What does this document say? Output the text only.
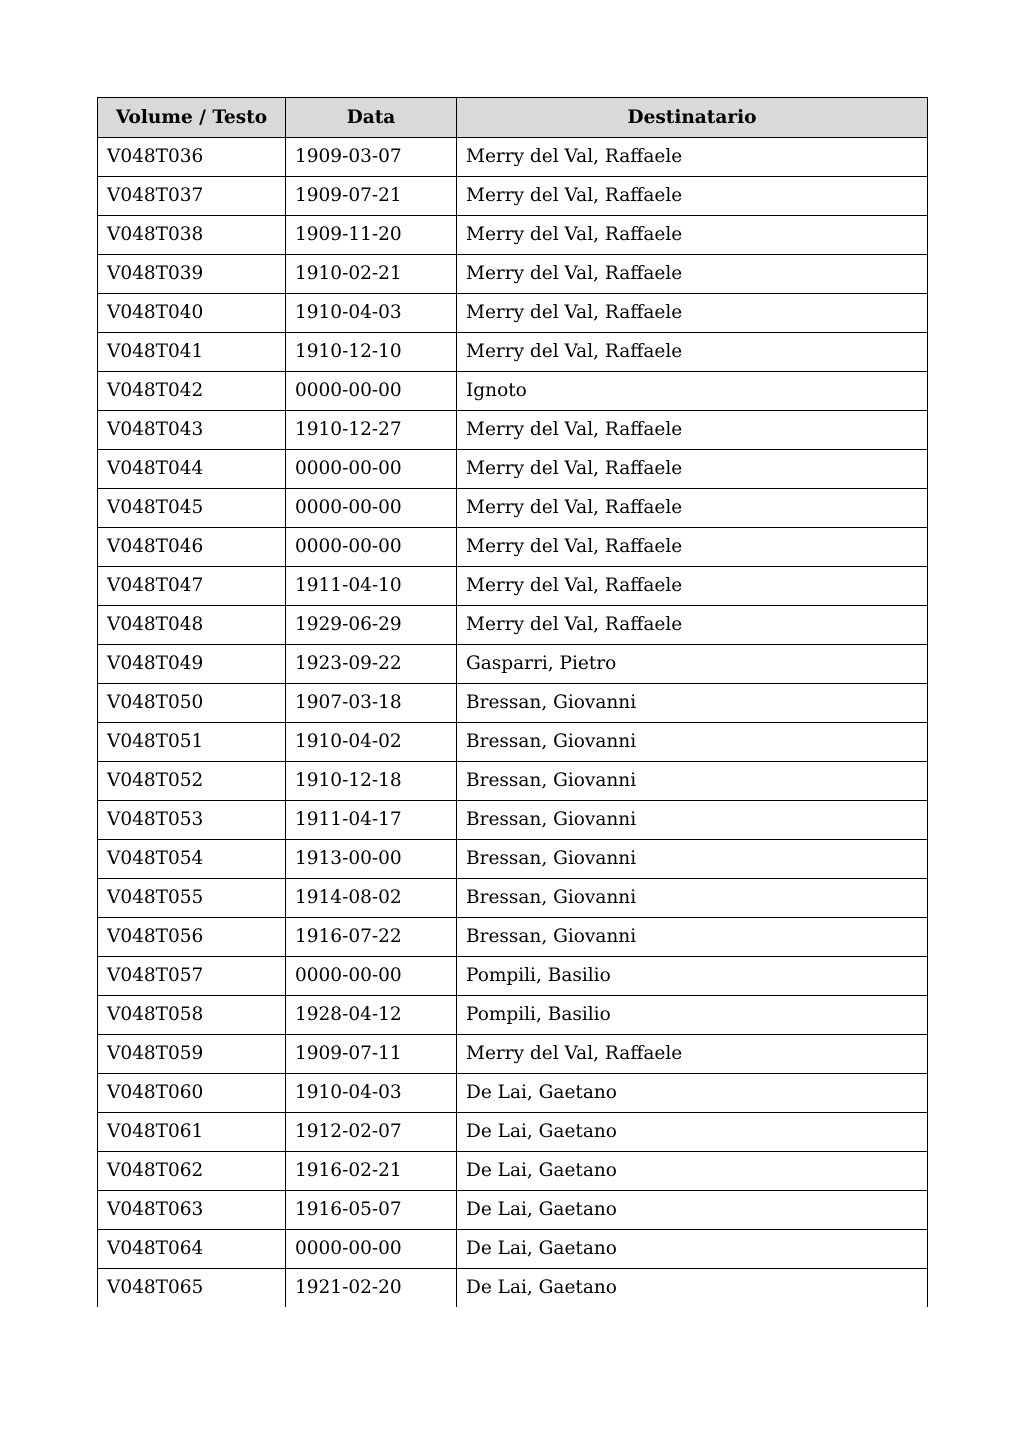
Volume / Testo	Data	Destinatario
V048T036	1909-03-07	Merry del Val, Raffaele
V048T037	1909-07-21	Merry del Val, Raffaele
V048T038	1909-11-20	Merry del Val, Raffaele
V048T039	1910-02-21	Merry del Val, Raffaele
V048T040	1910-04-03	Merry del Val, Raffaele
V048T041	1910-12-10	Merry del Val, Raffaele
V048T042	0000-00-00	Ignoto
V048T043	1910-12-27	Merry del Val, Raffaele
V048T044	0000-00-00	Merry del Val, Raffaele
V048T045	0000-00-00	Merry del Val, Raffaele
V048T046	0000-00-00	Merry del Val, Raffaele
V048T047	1911-04-10	Merry del Val, Raffaele
V048T048	1929-06-29	Merry del Val, Raffaele
V048T049	1923-09-22	Gasparri, Pietro
V048T050	1907-03-18	Bressan, Giovanni
V048T051	1910-04-02	Bressan, Giovanni
V048T052	1910-12-18	Bressan, Giovanni
V048T053	1911-04-17	Bressan, Giovanni
V048T054	1913-00-00	Bressan, Giovanni
V048T055	1914-08-02	Bressan, Giovanni
V048T056	1916-07-22	Bressan, Giovanni
V048T057	0000-00-00	Pompili, Basilio
V048T058	1928-04-12	Pompili, Basilio
V048T059	1909-07-11	Merry del Val, Raffaele
V048T060	1910-04-03	De Lai, Gaetano
V048T061	1912-02-07	De Lai, Gaetano
V048T062	1916-02-21	De Lai, Gaetano
V048T063	1916-05-07	De Lai, Gaetano
V048T064	0000-00-00	De Lai, Gaetano
V048T065	1921-02-20	De Lai, Gaetano
